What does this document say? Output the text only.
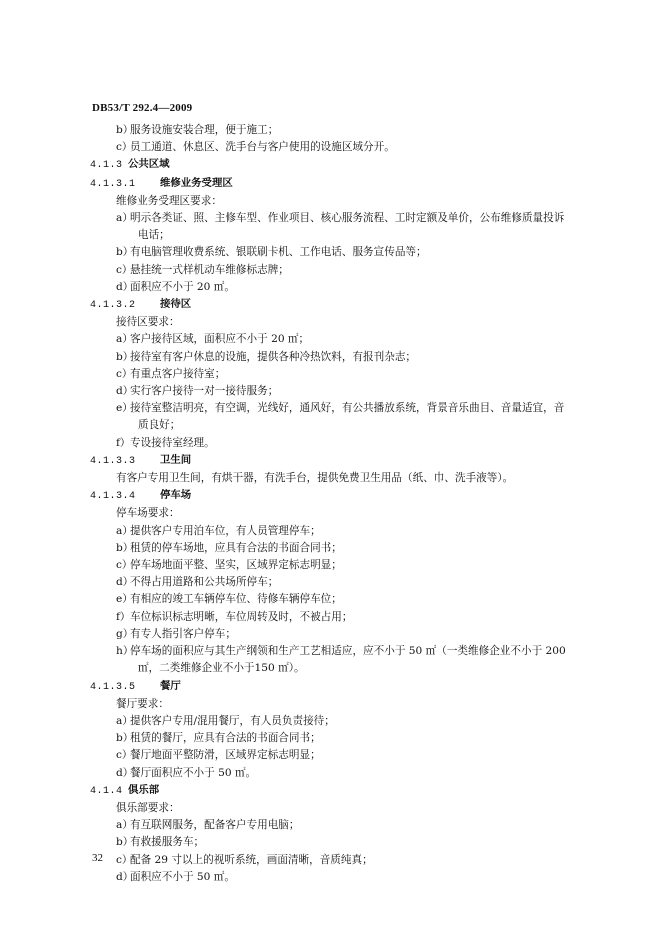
DB53/T 292.4—2009
b）服务设施安装合理，便于施工；
c）员工通道、休息区、洗手台与客户使用的设施区域分开。
4.1.3 公共区域
4.1.3.1 维修业务受理区
维修业务受理区要求：
a）明示各类证、照、主修车型、作业项目、核心服务流程、工时定额及单价，公布维修质量投诉
电话；
b）有电脑管理收费系统、银联刷卡机、工作电话、服务宣传品等；
c）悬挂统一式样机动车维修标志牌；
d）面积应不小于 20 ㎡。
4.1.3.2 接待区
接待区要求：
a）客户接待区域，面积应不小于 20 ㎡；
b）接待室有客户休息的设施，提供各种冷热饮料，有报刊杂志；
c）有重点客户接待室；
d）实行客户接待一对一接待服务；
e）接待室整洁明亮，有空调，光线好，通风好，有公共播放系统，背景音乐曲目、音量适宜，音
质良好；
f）专设接待室经理。
4.1.3.3 卫生间
有客户专用卫生间，有烘干器，有洗手台，提供免费卫生用品（纸、巾、洗手液等）。
4.1.3.4 停车场
停车场要求：
a）提供客户专用泊车位，有人员管理停车；
b）租赁的停车场地，应具有合法的书面合同书；
c）停车场地面平整、坚实，区域界定标志明显；
d）不得占用道路和公共场所停车；
e）有相应的竣工车辆停车位、待修车辆停车位；
f）车位标识标志明晰，车位周转及时，不被占用；
g）有专人指引客户停车；
h）停车场的面积应与其生产纲领和生产工艺相适应，应不小于 50 ㎡（一类维修企业不小于 200
㎡，二类维修企业不小于150 ㎡）。
4.1.3.5 餐厅
餐厅要求：
a）提供客户专用/混用餐厅，有人员负责接待；
b）租赁的餐厅，应具有合法的书面合同书；
c）餐厅地面平整防滑，区域界定标志明显；
d）餐厅面积应不小于 50 ㎡。
4.1.4 俱乐部
俱乐部要求：
a）有互联网服务，配备客户专用电脑；
b）有救援服务车；
c）配备 29 寸以上的视听系统，画面清晰，音质纯真；
d）面积应不小于 50 ㎡。
32
